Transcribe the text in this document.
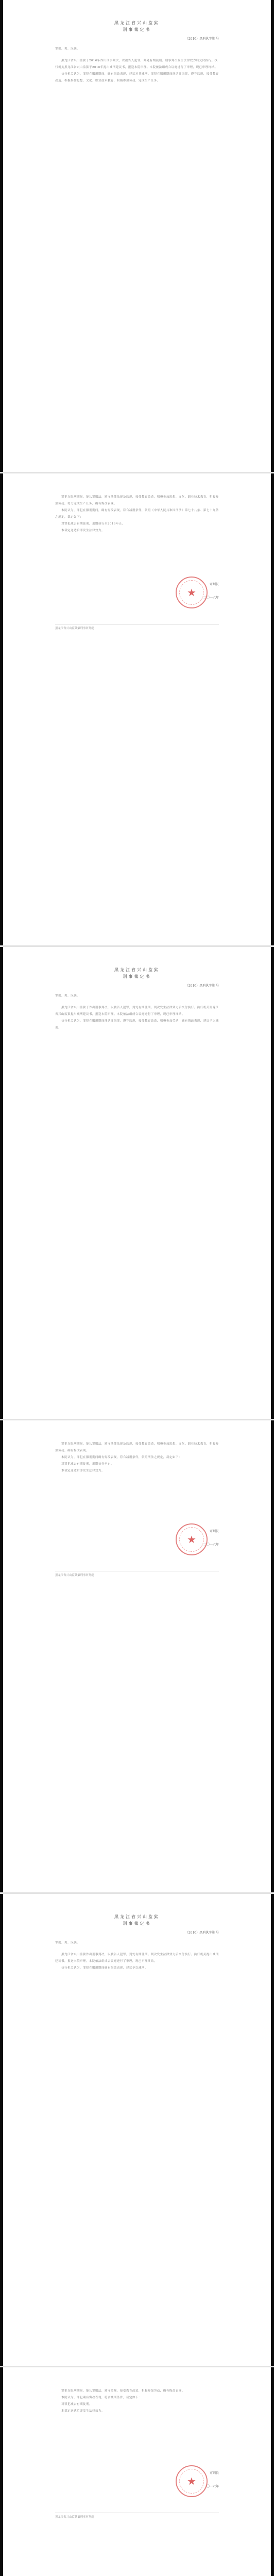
黑龙江省兴山监狱
刑事裁定书
（2016）黑刑执字第 号
罪犯，男，汉族。
黑龙江省兴山监狱于2016年作出刑事判决，以被告人犯罪，判处有期徒刑。刑事判决发生法律效力后交付执行。执行机关黑龙江省兴山监狱于2016年提出减刑建议书，报送本院审理。本院依法组成合议庭进行了审理，现已审理终结。
执行机关认为，罪犯在服刑期间，确有悔改表现，建议对其减刑。罪犯在服刑期间能认罪悔罪，遵守监规，接受教育改造，积极参加思想、文化、职业技术教育，积极参加劳动，完成生产任务。
罪犯在服刑期间，能认罪服法，遵守法律法规及监规，接受教育改造，积极参加思想、文化、职业技术教育，积极参加劳动，努力完成生产任务，确有悔改表现。
本院认为，罪犯在服刑期间，确有悔改表现，符合减刑条件，依照《中华人民共和国刑法》第七十八条、第七十九条之规定，裁定如下：
对罪犯减去有期徒刑，刑期执行至2016年止。
本裁定送达后即发生法律效力。
审判长
二〇一六年
★
黑龙江省兴山监狱第刑事审判庭
黑龙江省兴山监狱
刑事裁定书
（2016）黑刑执字第 号
罪犯，男，汉族。
黑龙江省兴山监狱于作出刑事判决，以被告人犯罪，判处有期徒刑。判决发生法律效力后交付执行。执行机关黑龙江省兴山监狱提出减刑建议书，报送本院审理。本院依法组成合议庭进行了审理，现已审理终结。
执行机关认为，罪犯在服刑期间能认罪悔罪，遵守监规，接受教育改造，积极参加劳动，确有悔改表现，建议予以减刑。
罪犯在服刑期间，能认罪服法，遵守法律法规及监规，接受教育改造，积极参加思想、文化、职业技术教育，积极参加劳动，确有悔改表现。
本院认为，罪犯在服刑期间确有悔改表现，符合减刑条件，依照刑法之规定，裁定如下：
对罪犯减去有期徒刑，刑期执行至止。
本裁定送达后即发生法律效力。
审判长
二〇一六年
★
黑龙江省兴山监狱第刑事审判庭
黑龙江省兴山监狱
刑事裁定书
（2016）黑刑执字第 号
罪犯，男，汉族。
黑龙江省兴山监狱作出刑事判决，以被告人犯罪，判处有期徒刑。判决发生法律效力后交付执行。执行机关提出减刑建议书，报送本院审理。本院依法组成合议庭进行了审理，现已审理终结。
执行机关认为，罪犯在服刑期间确有悔改表现，建议予以减刑。
罪犯在服刑期间，能认罪服法，遵守监规，接受教育改造，积极参加劳动，确有悔改表现。
本院认为，罪犯确有悔改表现，符合减刑条件，裁定如下：
对罪犯减去有期徒刑。
本裁定送达后即发生法律效力。
审判长
二〇一六年
★
黑龙江省兴山监狱第刑事审判庭
